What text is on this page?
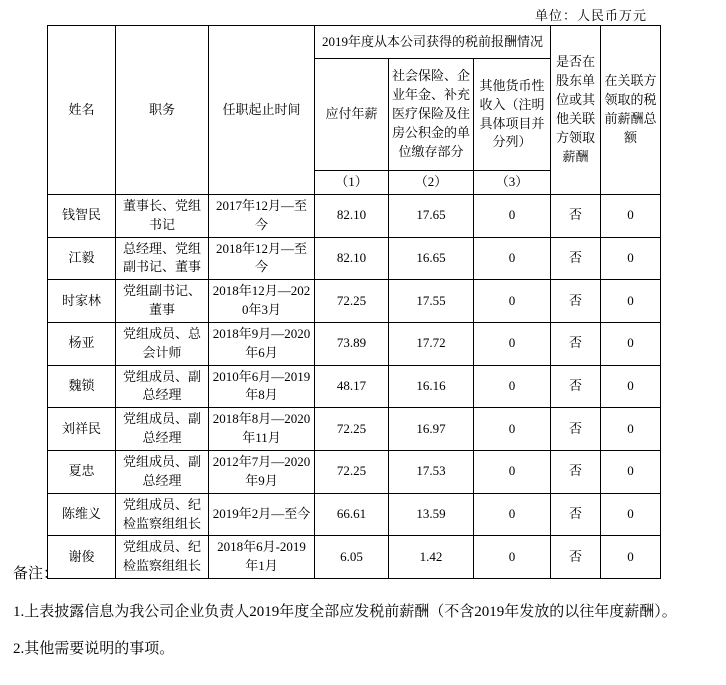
单位：人民币万元
姓名	职务	任职起止时间	2019年度从本公司获得的税前报酬情况			是否在股东单位或其他关联方领取薪酬	在关联方领取的税前薪酬总额
			应付年薪	社会保险、企业年金、补充医疗保险及住房公积金的单位缴存部分	其他货币性收入（注明具体项目并分列）		
			（1）	（2）	（3）		
钱智民	董事长、党组书记	2017年12月—至今	82.10	17.65	0	否	0
江毅	总经理、党组副书记、董事	2018年12月—至今	82.10	16.65	0	否	0
时家林	党组副书记、董事	2018年12月—2020年3月	72.25	17.55	0	否	0
杨亚	党组成员、总会计师	2018年9月—2020年6月	73.89	17.72	0	否	0
魏锁	党组成员、副总经理	2010年6月—2019年8月	48.17	16.16	0	否	0
刘祥民	党组成员、副总经理	2018年8月—2020年11月	72.25	16.97	0	否	0
夏忠	党组成员、副总经理	2012年7月—2020年9月	72.25	17.53	0	否	0
陈维义	党组成员、纪检监察组组长	2019年2月—至今	66.61	13.59	0	否	0
谢俊	党组成员、纪检监察组组长	2018年6月-2019年1月	6.05	1.42	0	否	0

备注：

1.上表披露信息为我公司企业负责人2019年度全部应发税前薪酬（不含2019年发放的以往年度薪酬）。

2.其他需要说明的事项。
